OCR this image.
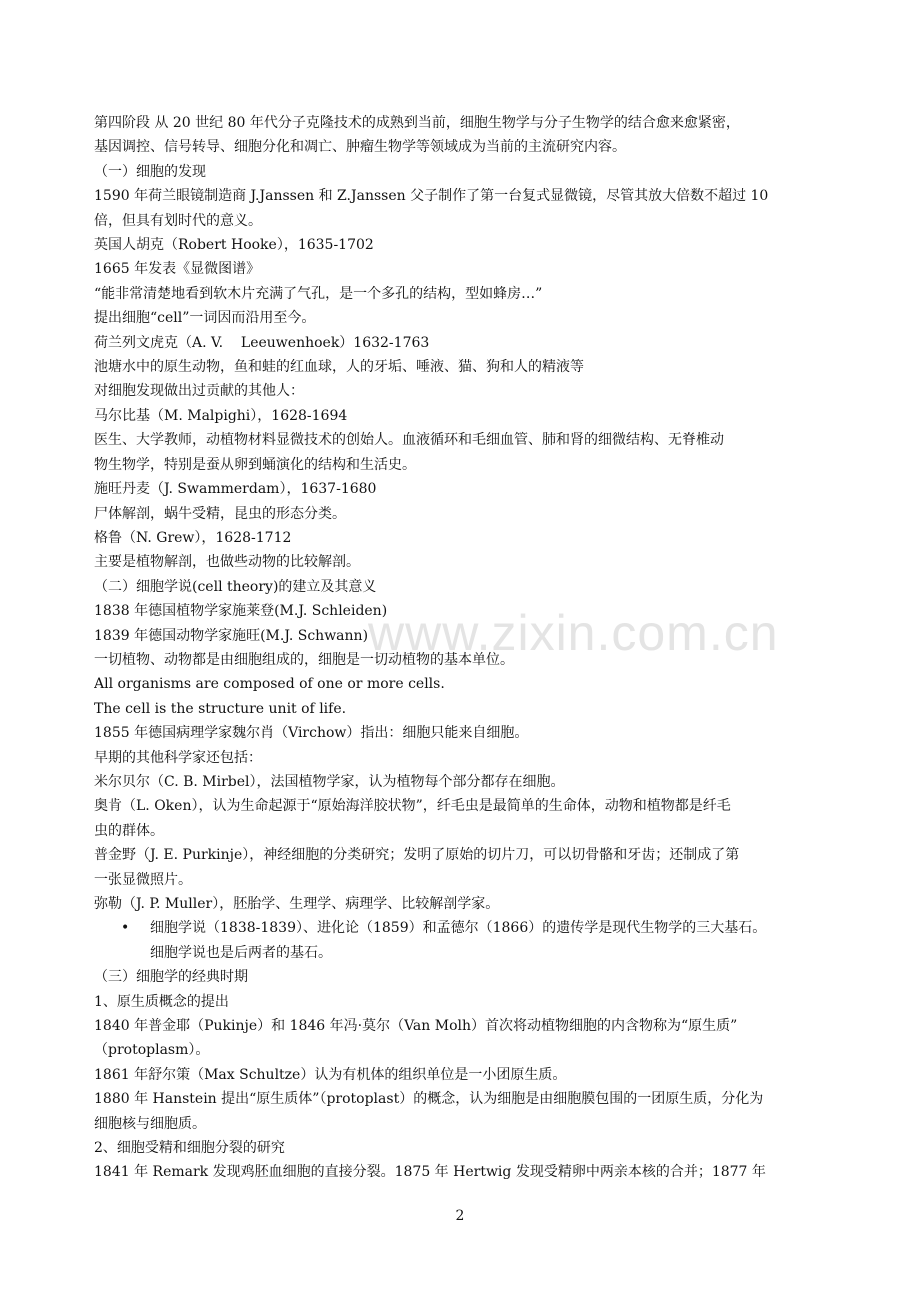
www.zixin.com.cn
第四阶段 从 20 世纪 80 年代分子克隆技术的成熟到当前，细胞生物学与分子生物学的结合愈来愈紧密，
基因调控、信号转导、细胞分化和凋亡、肿瘤生物学等领域成为当前的主流研究内容。
（一）细胞的发现
1590 年荷兰眼镜制造商 J.Janssen 和 Z.Janssen 父子制作了第一台复式显微镜，尽管其放大倍数不超过 10
倍，但具有划时代的意义。
英国人胡克（Robert Hooke），1635-1702
1665 年发表《显微图谱》
“能非常清楚地看到软木片充满了气孔，是一个多孔的结构，型如蜂房…”
提出细胞“cell”一词因而沿用至今。
荷兰列文虎克（A. V.    Leeuwenhoek）1632-1763
池塘水中的原生动物，鱼和蛙的红血球，人的牙垢、唾液、猫、狗和人的精液等
对细胞发现做出过贡献的其他人：
马尔比基（M. Malpighi），1628-1694
医生、大学教师，动植物材料显微技术的创始人。血液循环和毛细血管、肺和肾的细微结构、无脊椎动
物生物学，特别是蚕从卵到蛹演化的结构和生活史。
施旺丹麦（J. Swammerdam），1637-1680
尸体解剖，蜗牛受精，昆虫的形态分类。
格鲁（N. Grew），1628-1712
主要是植物解剖，也做些动物的比较解剖。
（二）细胞学说(cell theory)的建立及其意义
1838 年德国植物学家施莱登(M.J. Schleiden)
1839 年德国动物学家施旺(M.J. Schwann)
一切植物、动物都是由细胞组成的，细胞是一切动植物的基本单位。
All organisms are composed of one or more cells.
The cell is the structure unit of life.
1855 年德国病理学家魏尔肖（Virchow）指出：细胞只能来自细胞。
早期的其他科学家还包括：
米尔贝尔（C. B. Mirbel），法国植物学家，认为植物每个部分都存在细胞。
奥肯（L. Oken），认为生命起源于“原始海洋胶状物”，纤毛虫是最简单的生命体，动物和植物都是纤毛
虫的群体。
普金野（J. E. Purkinje），神经细胞的分类研究；发明了原始的切片刀，可以切骨骼和牙齿；还制成了第
一张显微照片。
弥勒（J. P. Muller），胚胎学、生理学、病理学、比较解剖学家。
• 细胞学说（1838-1839）、进化论（1859）和孟德尔（1866）的遗传学是现代生物学的三大基石。
细胞学说也是后两者的基石。
（三）细胞学的经典时期
1、原生质概念的提出
1840 年普金耶（Pukinje）和 1846 年冯·莫尔（Van Molh）首次将动植物细胞的内含物称为“原生质”
（protoplasm）。
1861 年舒尔策（Max Schultze）认为有机体的组织单位是一小团原生质。
1880 年 Hanstein 提出“原生质体”（protoplast）的概念，认为细胞是由细胞膜包围的一团原生质，分化为
细胞核与细胞质。
2、细胞受精和细胞分裂的研究
1841 年 Remark 发现鸡胚血细胞的直接分裂。1875 年 Hertwig 发现受精卵中两亲本核的合并；1877 年
2
